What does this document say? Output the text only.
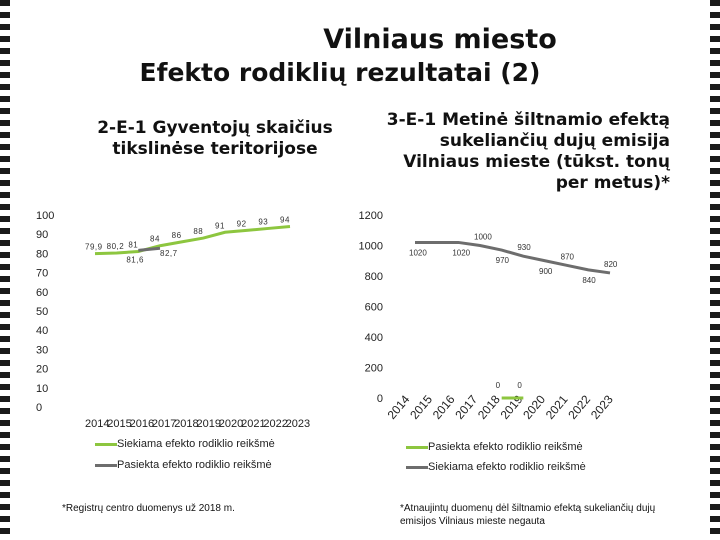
Vilniaus miesto
Efekto rodiklių rezultatai (2)
2-E-1 Gyventojų skaičius tikslinėse teritorijose
3-E-1 Metinė šiltnamio efektą sukeliančių dujų emisija Vilniaus mieste (tūkst. tonų per metus)*
0
10
20
30
40
50
60
70
80
90
100
2014
2015
2016
2017
2018
2019
2020
2021
2022
2023
79,9 80,2 81
84 86 88
91 92 93 94
81,6
82,7
0
200
400
600
800
1000
1200
2014
2015
2016
2017
2018
2019
2020
2021
2022
2023
0 0
1020	1020
1000
970
930
900
870
840
820
Siekiama efekto rodiklio reikšmė
Pasiekta efekto rodiklio reikšmė
Pasiekta efekto rodiklio reikšmė
Siekiama efekto rodiklio reikšmė
*Registrų centro duomenys už 2018 m.	*Atnaujintų duomenų dėl šiltnamio efektą sukeliančių dujų emisijos Vilniaus mieste negauta
